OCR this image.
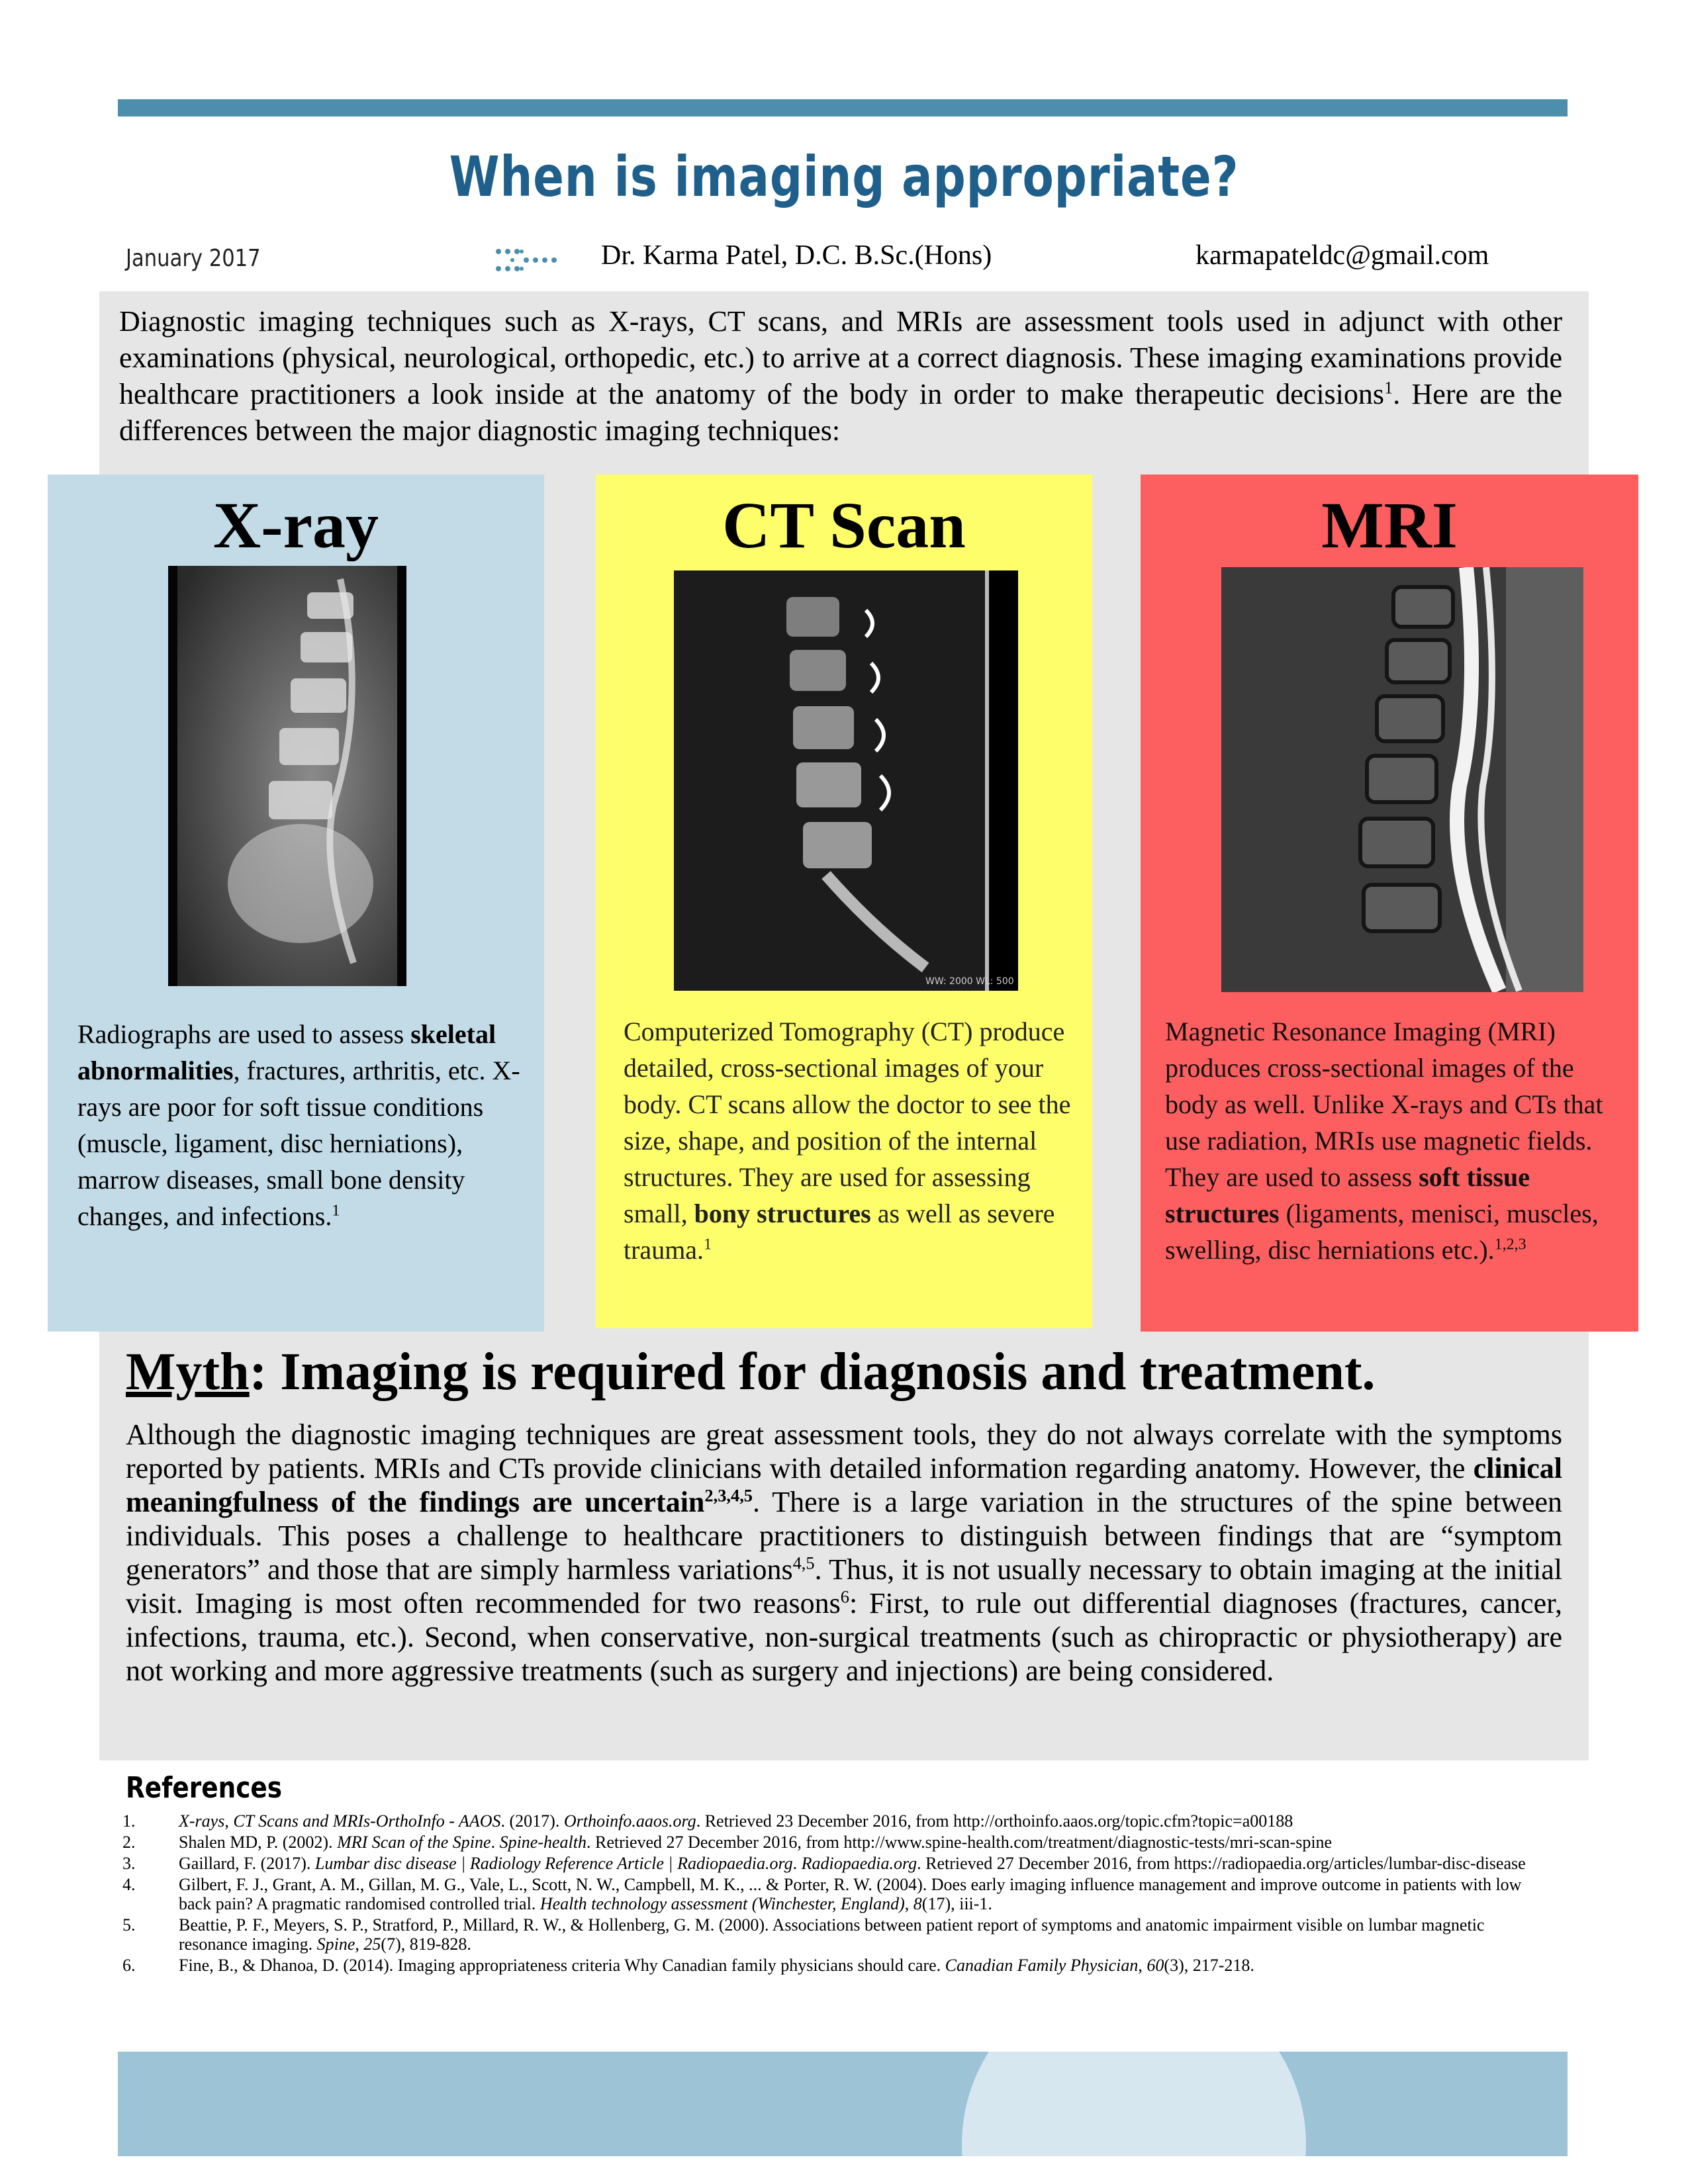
When is imaging appropriate?
January 2017	Dr. Karma Patel, D.C. B.Sc.(Hons)	karmapateldc@gmail.com

Diagnostic imaging techniques such as X-rays, CT scans, and MRIs are assessment tools used in adjunct with other examinations (physical, neurological, orthopedic, etc.) to arrive at a correct diagnosis. These imaging examinations provide healthcare practitioners a look inside at the anatomy of the body in order to make therapeutic decisions$^1$. Here are the differences between the major diagnostic imaging techniques:

X-ray

Radiographs are used to assess skeletal abnormalities, fractures, arthritis, etc. X-rays are poor for soft tissue conditions (muscle, ligament, disc herniations), marrow diseases, small bone density changes, and infections.$^1$

CT Scan
WW: 2000 WL: 500

Computerized Tomography (CT) produce detailed, cross-sectional images of your body. CT scans allow the doctor to see the size, shape, and position of the internal structures. They are used for assessing small, bony structures as well as severe trauma.$^1$

MRI

Magnetic Resonance Imaging (MRI) produces cross-sectional images of the body as well. Unlike X-rays and CTs that use radiation, MRIs use magnetic fields. They are used to assess soft tissue structures (ligaments, menisci, muscles, swelling, disc herniations etc.).$^{1,2,3}$

Myth: Imaging is required for diagnosis and treatment.

Although the diagnostic imaging techniques are great assessment tools, they do not always correlate with the symptoms reported by patients. MRIs and CTs provide clinicians with detailed information regarding anatomy. However, the clinical meaningfulness of the findings are uncertain$^{2,3,4,5}$. There is a large variation in the structures of the spine between individuals. This poses a challenge to healthcare practitioners to distinguish between findings that are “symptom generators” and those that are simply harmless variations$^{4,5}$. Thus, it is not usually necessary to obtain imaging at the initial visit. Imaging is most often recommended for two reasons$^6$: First, to rule out differential diagnoses (fractures, cancer, infections, trauma, etc.). Second, when conservative, non-surgical treatments (such as chiropractic or physiotherapy) are not working and more aggressive treatments (such as surgery and injections) are being considered.

References
1.	X-rays, CT Scans and MRIs-OrthoInfo - AAOS. (2017). Orthoinfo.aaos.org. Retrieved 23 December 2016, from http://orthoinfo.aaos.org/topic.cfm?topic=a00188
2.	Shalen MD, P. (2002). MRI Scan of the Spine. Spine-health. Retrieved 27 December 2016, from http://www.spine-health.com/treatment/diagnostic-tests/mri-scan-spine
3.	Gaillard, F. (2017). Lumbar disc disease | Radiology Reference Article | Radiopaedia.org. Radiopaedia.org. Retrieved 27 December 2016, from https://radiopaedia.org/articles/lumbar-disc-disease
4.	Gilbert, F. J., Grant, A. M., Gillan, M. G., Vale, L., Scott, N. W., Campbell, M. K., ... & Porter, R. W. (2004). Does early imaging influence management and improve outcome in patients with low back pain? A pragmatic randomised controlled trial. Health technology assessment (Winchester, England), 8(17), iii-1.
5.	Beattie, P. F., Meyers, S. P., Stratford, P., Millard, R. W., & Hollenberg, G. M. (2000). Associations between patient report of symptoms and anatomic impairment visible on lumbar magnetic resonance imaging. Spine, 25(7), 819-828.
6.	Fine, B., & Dhanoa, D. (2014). Imaging appropriateness criteria Why Canadian family physicians should care. Canadian Family Physician, 60(3), 217-218.
